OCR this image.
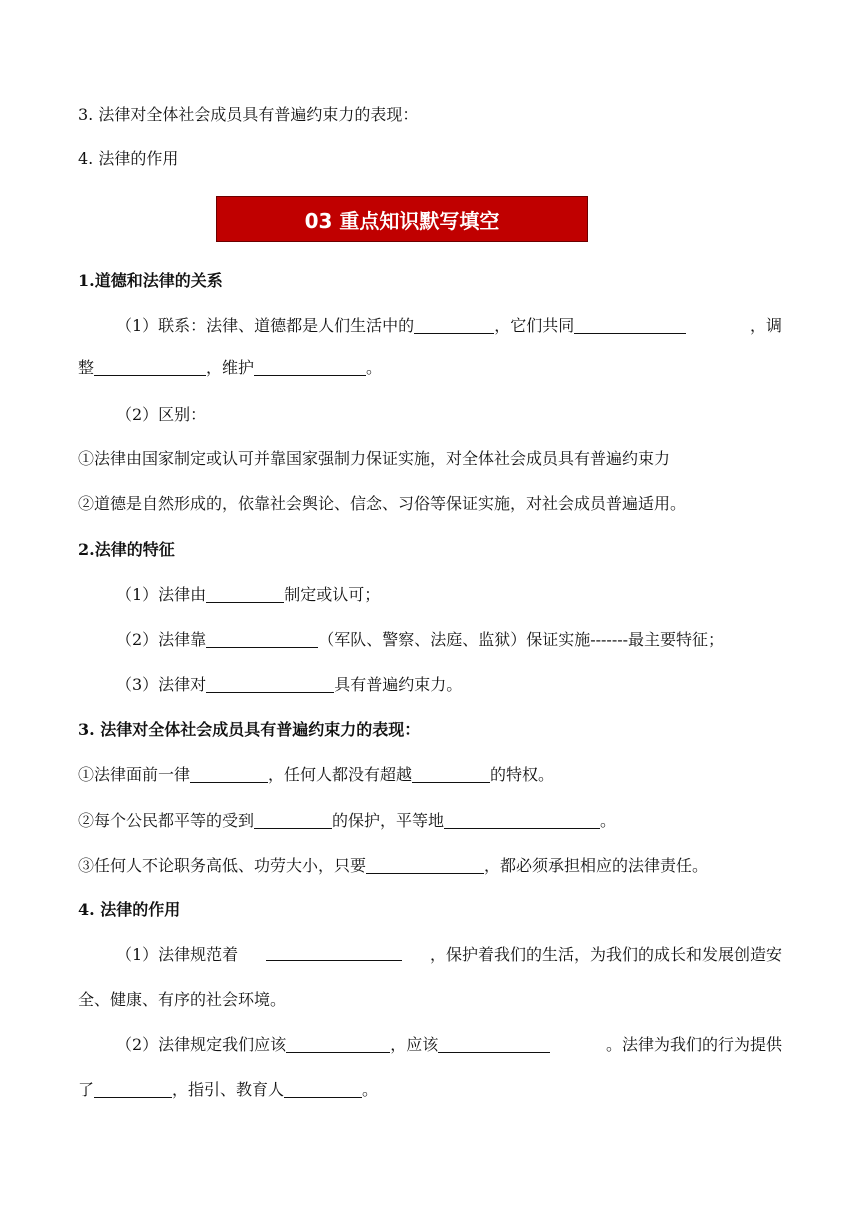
3. 法律对全体社会成员具有普遍约束力的表现：
4. 法律的作用
03 重点知识默写填空
1.道德和法律的关系
（1）联系：法律、道德都是人们生活中的	，它们共同	，调
整	，维护	。
（2）区别：
①法律由国家制定或认可并靠国家强制力保证实施，对全体社会成员具有普遍约束力
②道德是自然形成的，依靠社会舆论、信念、习俗等保证实施，对社会成员普遍适用。
2.法律的特征
（1）法律由	制定或认可；
（2）法律靠	（军队、警察、法庭、监狱）保证实施-------最主要特征；
（3）法律对	具有普遍约束力。
3. 法律对全体社会成员具有普遍约束力的表现：
①法律面前一律	，任何人都没有超越	的特权。
②每个公民都平等的受到	的保护，平等地	。
③任何人不论职务高低、功劳大小，只要	，都必须承担相应的法律责任。
4. 法律的作用
（1）法律规范着	，保护着我们的生活，为我们的成长和发展创造安
全、健康、有序的社会环境。
（2）法律规定我们应该	，应该	。法律为我们的行为提供
了	，指引、教育人	。
